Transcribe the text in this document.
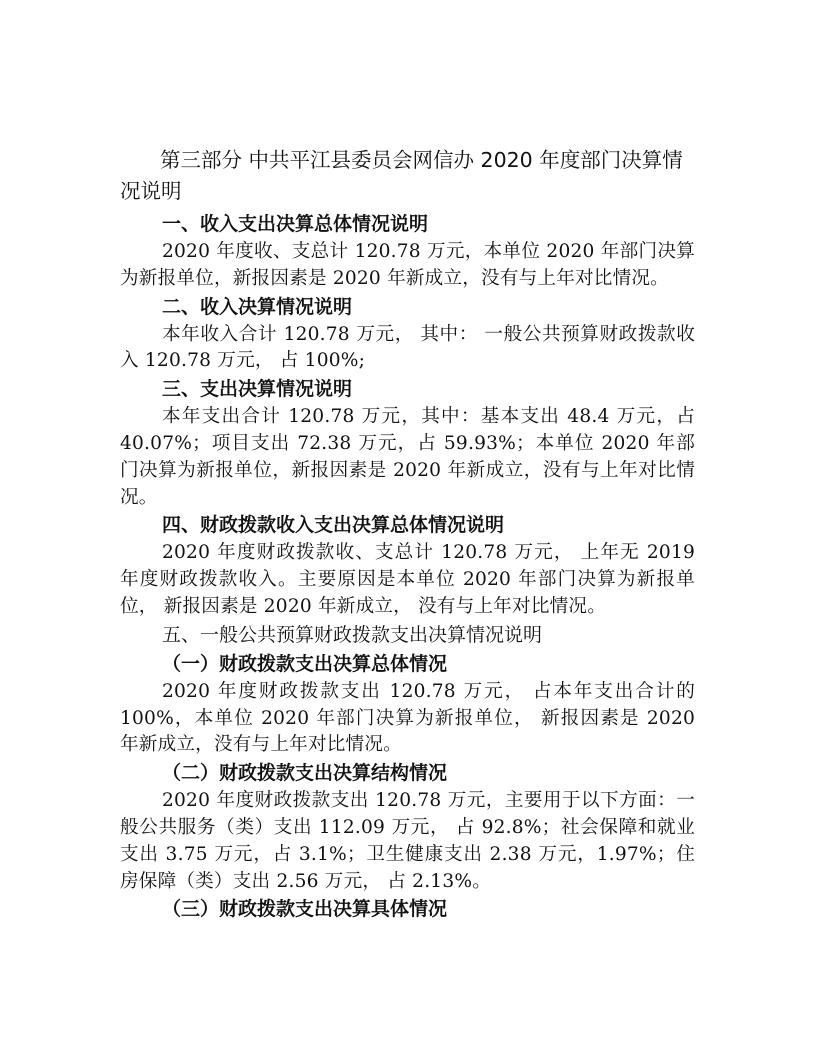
第三部分 中共平江县委员会网信办 2020 年度部门决算情况说明
一、收入支出决算总体情况说明

2020 年度收、支总计 120.78 万元，本单位 2020 年部门决算为新报单位，新报因素是 2020 年新成立，没有与上年对比情况。

二、收入决算情况说明

本年收入合计 120.78 万元， 其中： 一般公共预算财政拨款收入 120.78 万元， 占 100%;

三、支出决算情况说明

本年支出合计 120.78 万元，其中：基本支出 48.4 万元，占 40.07%；项目支出 72.38 万元，占 59.93%；本单位 2020 年部门决算为新报单位，新报因素是 2020 年新成立，没有与上年对比情况。

四、财政拨款收入支出决算总体情况说明

2020 年度财政拨款收、支总计 120.78 万元， 上年无 2019 年度财政拨款收入。主要原因是本单位 2020 年部门决算为新报单位， 新报因素是 2020 年新成立， 没有与上年对比情况。

五、一般公共预算财政拨款支出决算情况说明
（一）财政拨款支出决算总体情况

2020 年度财政拨款支出 120.78 万元， 占本年支出合计的 100%，本单位 2020 年部门决算为新报单位， 新报因素是 2020 年新成立，没有与上年对比情况。

（二）财政拨款支出决算结构情况

2020 年度财政拨款支出 120.78 万元，主要用于以下方面：一般公共服务（类）支出 112.09 万元， 占 92.8%；社会保障和就业支出 3.75 万元，占 3.1%；卫生健康支出 2.38 万元，1.97%；住房保障（类）支出 2.56 万元， 占 2.13%。

（三）财政拨款支出决算具体情况
